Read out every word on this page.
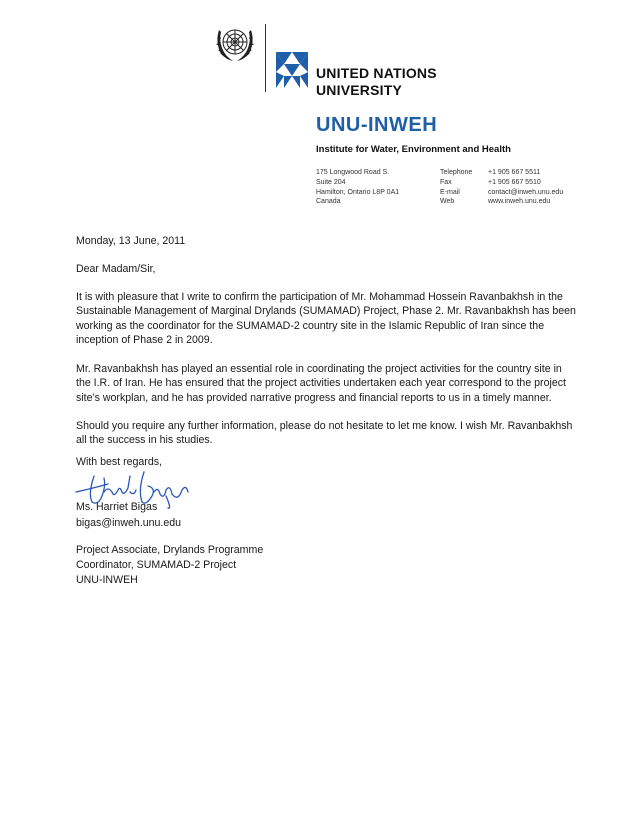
UNITED NATIONS
UNIVERSITY
UNU-INWEH
Institute for Water, Environment and Health
175 Longwood Road S.
Suite 204
Hamilton, Ontario L8P 0A1
Canada
Telephone
Fax
E-mail
Web
+1 905 667 5511
+1 905 667 5510
contact@inweh.unu.edu
www.inweh.unu.edu
Monday, 13 June, 2011
Dear Madam/Sir,
It is with pleasure that I write to confirm the participation of Mr. Mohammad Hossein Ravanbakhsh in the Sustainable Management of Marginal Drylands (SUMAMAD) Project, Phase 2. Mr. Ravanbakhsh has been working as the coordinator for the SUMAMAD-2 country site in the Islamic Republic of Iran since the inception of Phase 2 in 2009.
Mr. Ravanbakhsh has played an essential role in coordinating the project activities for the country site in the I.R. of Iran. He has ensured that the project activities undertaken each year correspond to the project site’s workplan, and he has provided narrative progress and financial reports to us in a timely manner.
Should you require any further information, please do not hesitate to let me know. I wish Mr. Ravanbakhsh all the success in his studies.
With best regards,
Ms. Harriet Bigas
bigas@inweh.unu.edu
Project Associate, Drylands Programme
Coordinator, SUMAMAD-2 Project
UNU-INWEH
